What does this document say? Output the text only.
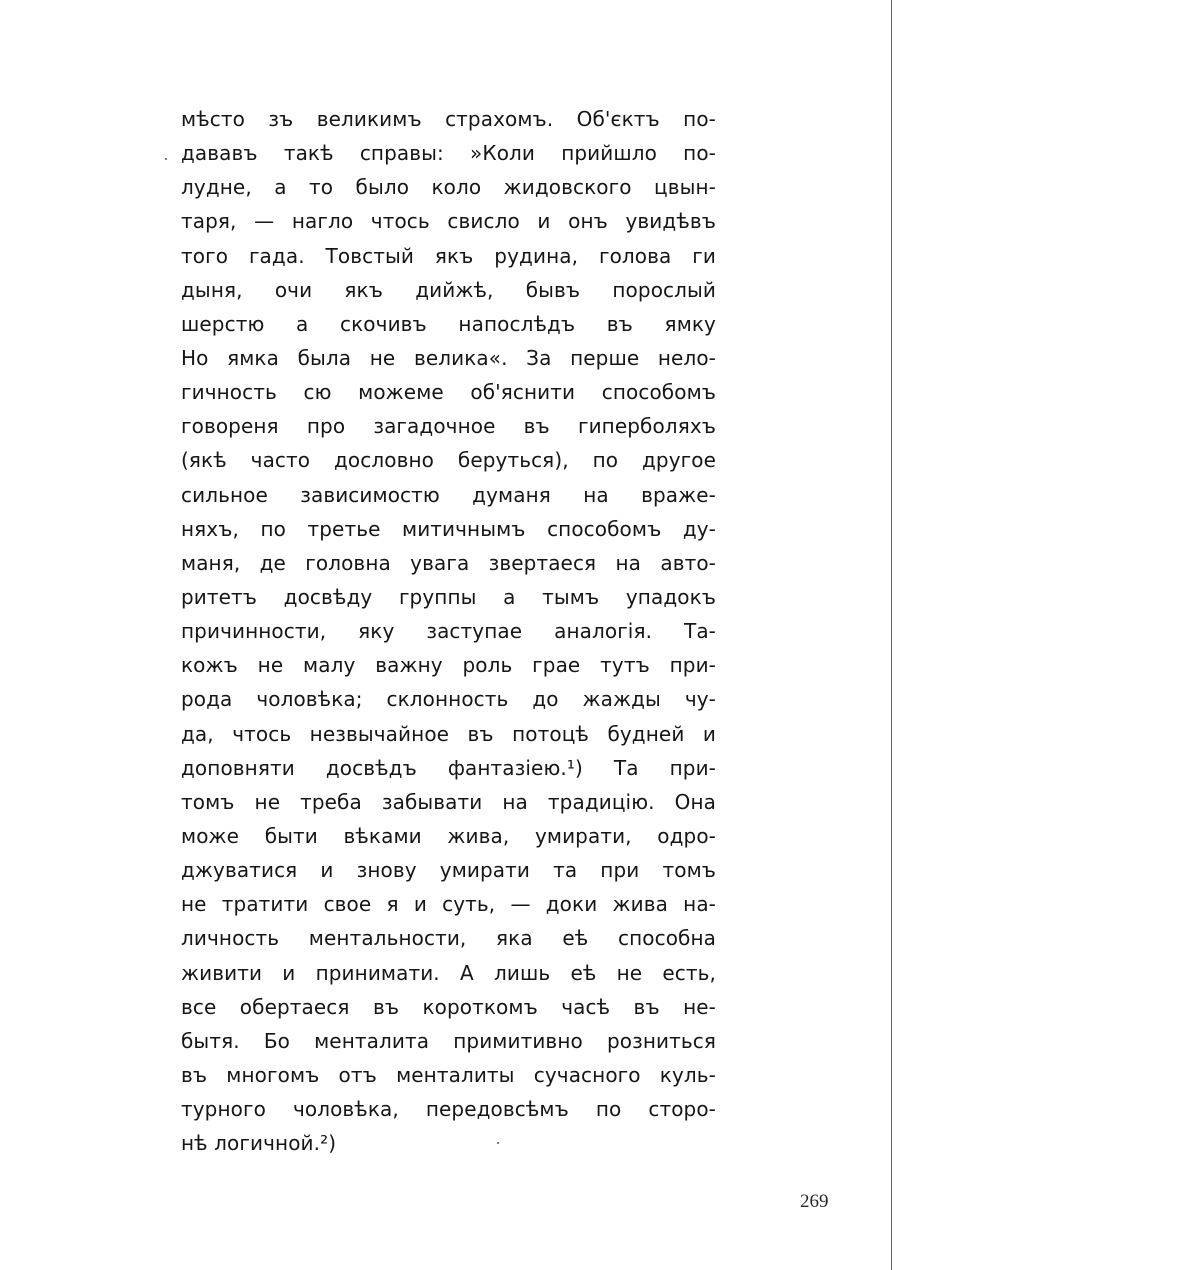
мѣсто зъ великимъ страхомъ. Об'єктъ по-
дававъ такѣ справы: »Коли прийшло по-
лудне, а то было коло жидовского цвын-
таря, — нагло чтось свисло и онъ увидѣвъ
того гада. Товстый якъ рудина, голова ги
дыня, очи якъ дийжѣ, бывъ порослый
шерстю а скочивъ напослѣдъ въ ямку
Но ямка была не велика«. За перше нело-
гичность сю можеме об'яснити способомъ
говореня про загадочное въ гиперболяхъ
(якѣ часто дословно беруться), по другое
сильное зависимостю думаня на враже-
няхъ, по третье митичнымъ способомъ ду-
маня, де головна увага звертаеся на авто-
ритетъ досвѣду группы а тымъ упадокъ
причинности, яку заступае аналогія. Та-
кожъ не малу важну роль грае тутъ при-
рода чоловѣка; склонность до жажды чу-
да, чтось незвычайное въ потоцѣ будней и
доповняти досвѣдъ фантазіею.¹) Та при-
томъ не треба забывати на традицію. Она
може быти вѣками жива, умирати, одро-
джуватися и знову умирати та при томъ
не тратити свое я и суть, — доки жива на-
личность ментальности, яка еѣ способна
живити и принимати. А лишь еѣ не есть,
все обертаеся въ короткомъ часѣ въ не-
бытя. Бо менталита примитивно розниться
въ многомъ отъ менталиты сучасного куль-
турного чоловѣка, передовсѣмъ по сторо-
нѣ логичной.²)
269
